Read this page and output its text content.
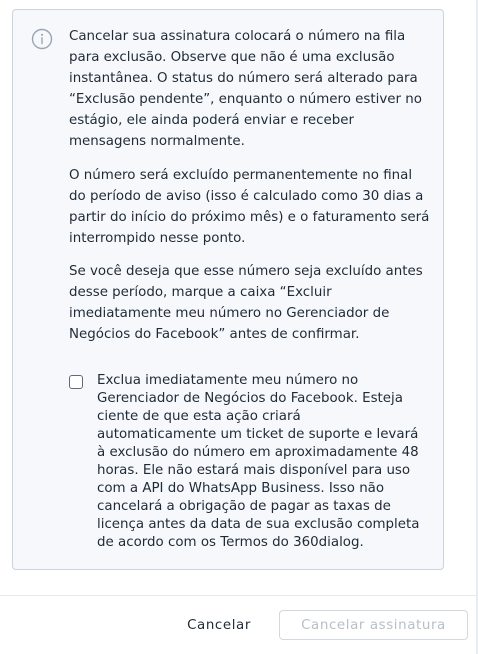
Cancelar sua assinatura colocará o número na fila para exclusão. Observe que não é uma exclusão instantânea. O status do número será alterado para “Exclusão pendente”, enquanto o número estiver no estágio, ele ainda poderá enviar e receber mensagens normalmente.

O número será excluído permanentemente no final do período de aviso (isso é calculado como 30 dias a partir do início do próximo mês) e o faturamento será interrompido nesse ponto.

Se você deseja que esse número seja excluído antes desse período, marque a caixa “Excluir imediatamente meu número no Gerenciador de Negócios do Facebook” antes de confirmar.

Exclua imediatamente meu número no Gerenciador de Negócios do Facebook. Esteja ciente de que esta ação criará automaticamente um ticket de suporte e levará à exclusão do número em aproximadamente 48 horas. Ele não estará mais disponível para uso com a API do WhatsApp Business. Isso não cancelará a obrigação de pagar as taxas de licença antes da data de sua exclusão completa de acordo com os Termos do 360dialog.
Cancelar	Cancelar assinatura
